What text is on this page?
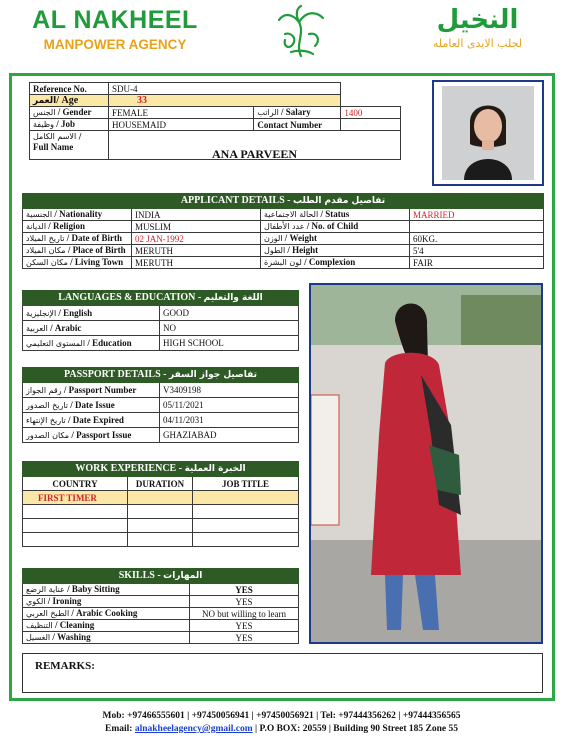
AL NAKHEEL
MANPOWER AGENCY
النخيل
لجلب الايدى العامله
Reference No.	SDU-4		
العمر/ Age	33		
الجنس / Gender	FEMALE	الراتب / Salary	1400
وظيفة / Job	HOUSEMAID	Contact Number	
الاسم الكامل /
Full Name	ANA PARVEEN		
APPLICANT DETAILS - تفاصيل مقدم الطلب			
الجنسية / Nationality	INDIA	الحالة الاجتماعية / Status	MARRIED
الديانة / Religion	MUSLIM	عدد الأطفال / No. of Child	
تاريخ الميلاد / Date of Birth	02 JAN-1992	الوزن / Weight	60KG.
مكان الميلاد / Place of Birth	MERUTH	الطول / Height	5'4
مكان السكن / Living Town	MERUTH	لون البشرة / Complexion	FAIR
LANGUAGES & EDUCATION - اللغة والتعليم	
الإنجليزية / English	GOOD
العربية / Arabic	NO
المستوى التعليمي / Education	HIGH SCHOOL
PASSPORT DETAILS - تفاصيل جواز السفر	
رقم الجواز / Passport Number	V3409198
تاريخ الصدور / Date Issue	05/11/2021
تاريخ الإنتهاء / Date Expired	04/11/2031
مكان الصدور / Passport Issue	GHAZIABAD
WORK EXPERIENCE - الخبرة العملية		
COUNTRY	DURATION	JOB TITLE
FIRST TIMER		

SKILLS - المهارات	
عناية الرضع / Baby Sitting	YES
الكوي / Ironing	YES
الطبخ العربي / Arabic Cooking	NO but willing to learn
التنظيف / Cleaning	YES
الغسيل / Washing	YES
REMARKS:
Mob: +97466555601 | +97450056941 | +97450056921 | Tel: +97444356262 | +97444356565
Email: alnakheelagency@gmail.com | P.O BOX: 20559 | Building 90 Street 185 Zone 55
